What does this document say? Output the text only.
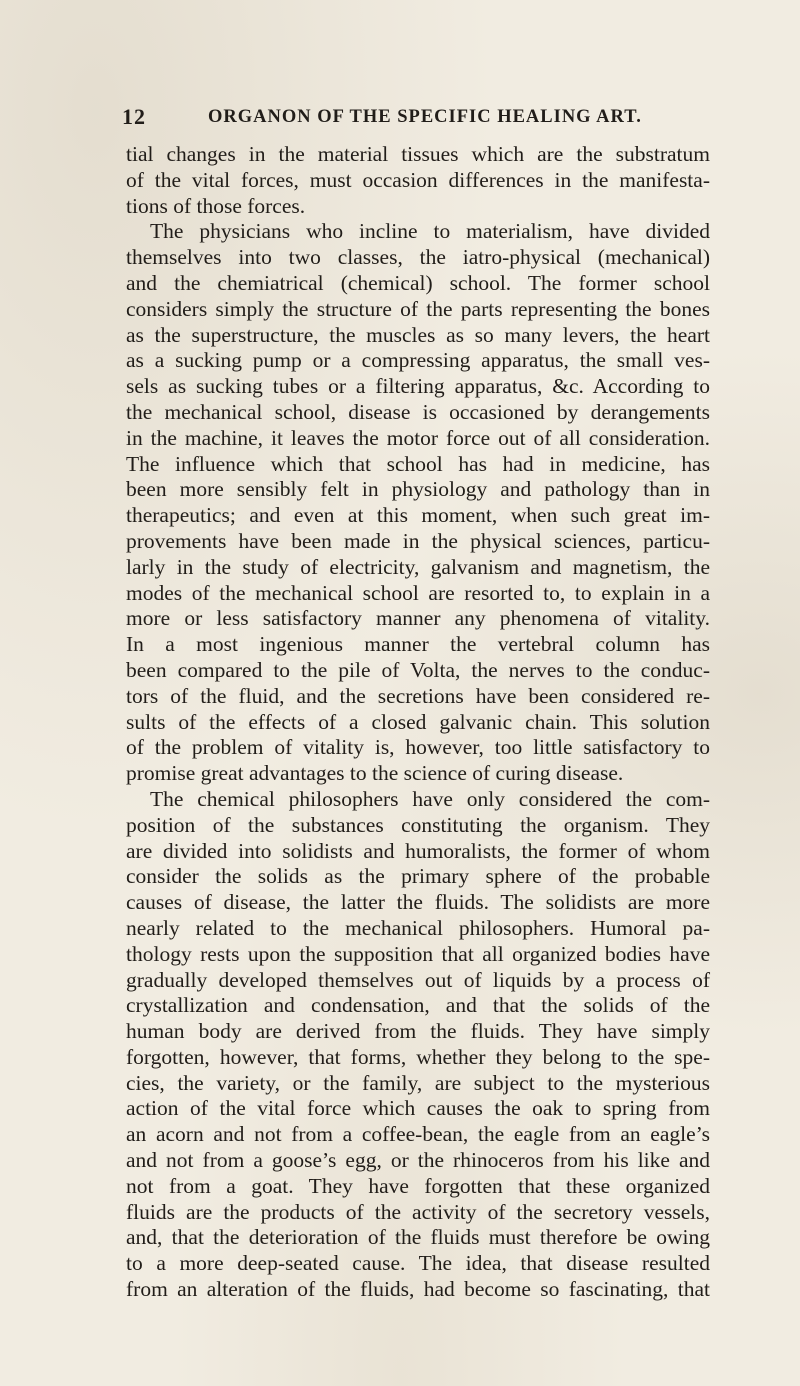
12	ORGANON OF THE SPECIFIC HEALING ART.
tial changes in the material tissues which are the substratum
of the vital forces, must occasion differences in the manifesta-
tions of those forces.
The physicians who incline to materialism, have divided
themselves into two classes, the iatro-physical (mechanical)
and the chemiatrical (chemical) school. The former school
considers simply the structure of the parts representing the bones
as the superstructure, the muscles as so many levers, the heart
as a sucking pump or a compressing apparatus, the small ves-
sels as sucking tubes or a filtering apparatus, &c. According to
the mechanical school, disease is occasioned by derangements
in the machine, it leaves the motor force out of all consideration.
The influence which that school has had in medicine, has
been more sensibly felt in physiology and pathology than in
therapeutics; and even at this moment, when such great im-
provements have been made in the physical sciences, particu-
larly in the study of electricity, galvanism and magnetism, the
modes of the mechanical school are resorted to, to explain in a
more or less satisfactory manner any phenomena of vitality.
In a most ingenious manner the vertebral column has
been compared to the pile of Volta, the nerves to the conduc-
tors of the fluid, and the secretions have been considered re-
sults of the effects of a closed galvanic chain. This solution
of the problem of vitality is, however, too little satisfactory to
promise great advantages to the science of curing disease.
The chemical philosophers have only considered the com-
position of the substances constituting the organism. They
are divided into solidists and humoralists, the former of whom
consider the solids as the primary sphere of the probable
causes of disease, the latter the fluids. The solidists are more
nearly related to the mechanical philosophers. Humoral pa-
thology rests upon the supposition that all organized bodies have
gradually developed themselves out of liquids by a process of
crystallization and condensation, and that the solids of the
human body are derived from the fluids. They have simply
forgotten, however, that forms, whether they belong to the spe-
cies, the variety, or the family, are subject to the mysterious
action of the vital force which causes the oak to spring from
an acorn and not from a coffee-bean, the eagle from an eagle’s
and not from a goose’s egg, or the rhinoceros from his like and
not from a goat. They have forgotten that these organized
fluids are the products of the activity of the secretory vessels,
and, that the deterioration of the fluids must therefore be owing
to a more deep-seated cause. The idea, that disease resulted
from an alteration of the fluids, had become so fascinating, that
